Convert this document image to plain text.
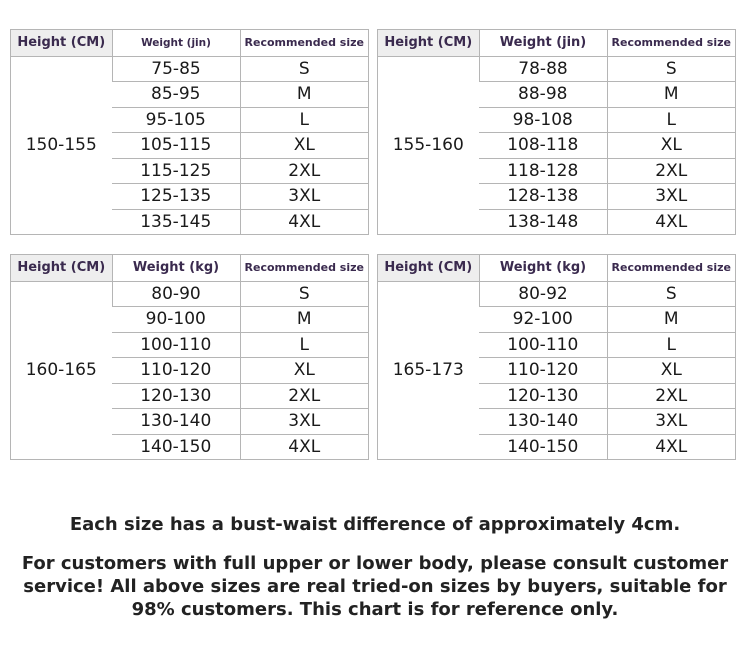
Height (CM)	Weight (jin)	Recommended size
150-155	75-85	S
	85-95	M
	95-105	L
	105-115	XL
	115-125	2XL
	125-135	3XL
	135-145	4XL
Height (CM)	Weight (jin)	Recommended size
155-160	78-88	S
	88-98	M
	98-108	L
	108-118	XL
	118-128	2XL
	128-138	3XL
	138-148	4XL
Height (CM)	Weight (kg)	Recommended size
160-165	80-90	S
	90-100	M
	100-110	L
	110-120	XL
	120-130	2XL
	130-140	3XL
	140-150	4XL
Height (CM)	Weight (kg)	Recommended size
165-173	80-92	S
	92-100	M
	100-110	L
	110-120	XL
	120-130	2XL
	130-140	3XL
	140-150	4XL
Each size has a bust-waist difference of approximately 4cm.
For customers with full upper or lower body, please consult customer service! All above sizes are real tried-on sizes by buyers, suitable for 98% customers. This chart is for reference only.
